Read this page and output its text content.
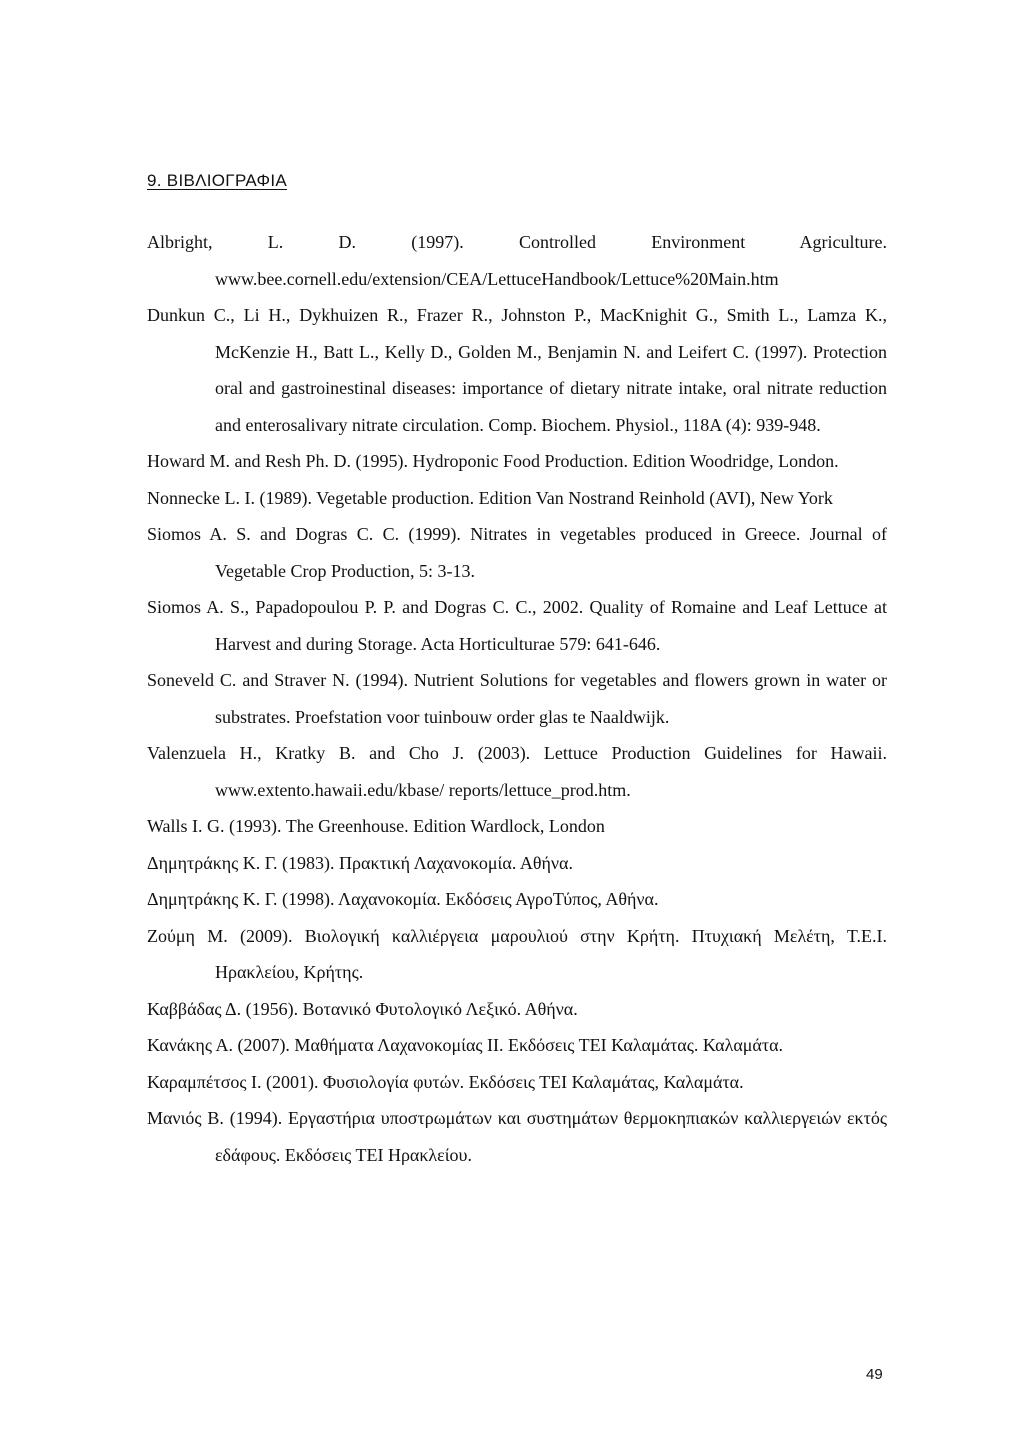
9. ΒΙΒΛΙΟΓΡΑΦΙΑ
Albright, L. D. (1997). Controlled Environment Agriculture. www.bee.cornell.edu/extension/CEA/LettuceHandbook/Lettuce%20Main.htm
Dunkun C., Li H., Dykhuizen R., Frazer R., Johnston P., MacKnighit G., Smith L., Lamza K., McKenzie H., Batt L., Kelly D., Golden M., Benjamin N. and Leifert C. (1997). Protection oral and gastroinestinal diseases: importance of dietary nitrate intake, oral nitrate reduction and enterosalivary nitrate circulation. Comp. Biochem. Physiol., 118A (4): 939-948.
Howard M. and Resh Ph. D. (1995). Hydroponic Food Production. Edition Woodridge, London.
Nonnecke L. I. (1989). Vegetable production. Edition Van Nostrand Reinhold (AVI), New York
Siomos A. S. and Dogras C. C. (1999). Nitrates in vegetables produced in Greece. Journal of Vegetable Crop Production, 5: 3-13.
Siomos A. S., Papadopoulou P. P. and Dogras C. C., 2002. Quality of Romaine and Leaf Lettuce at Harvest and during Storage. Acta Horticulturae 579: 641-646.
Soneveld C. and Straver N. (1994). Nutrient Solutions for vegetables and flowers grown in water or substrates. Proefstation voor tuinbouw order glas te Naaldwijk.
Valenzuela H., Kratky B. and Cho J. (2003). Lettuce Production Guidelines for Hawaii. www.extento.hawaii.edu/kbase/ reports/lettuce_prod.htm.
Walls I. G. (1993). The Greenhouse. Edition Wardlock, London
Δημητράκης Κ. Γ. (1983). Πρακτική Λαχανοκομία. Αθήνα.
Δημητράκης Κ. Γ. (1998). Λαχανοκομία. Εκδόσεις ΑγροΤύπος, Αθήνα.
Ζούμη Μ. (2009). Βιολογική καλλιέργεια μαρουλιού στην Κρήτη. Πτυχιακή Μελέτη, Τ.Ε.Ι. Ηρακλείου, Κρήτης.
Καββάδας Δ. (1956). Βοτανικό Φυτολογικό Λεξικό. Αθήνα.
Κανάκης Α. (2007). Μαθήματα Λαχανοκομίας ΙΙ. Εκδόσεις ΤΕΙ Καλαμάτας. Καλαμάτα.
Καραμπέτσος Ι. (2001). Φυσιολογία φυτών. Εκδόσεις ΤΕΙ Καλαμάτας, Καλαμάτα.
Μανιός Β. (1994). Εργαστήρια υποστρωμάτων και συστημάτων θερμοκηπιακών καλλιεργειών εκτός εδάφους. Εκδόσεις ΤΕΙ Ηρακλείου.

49
